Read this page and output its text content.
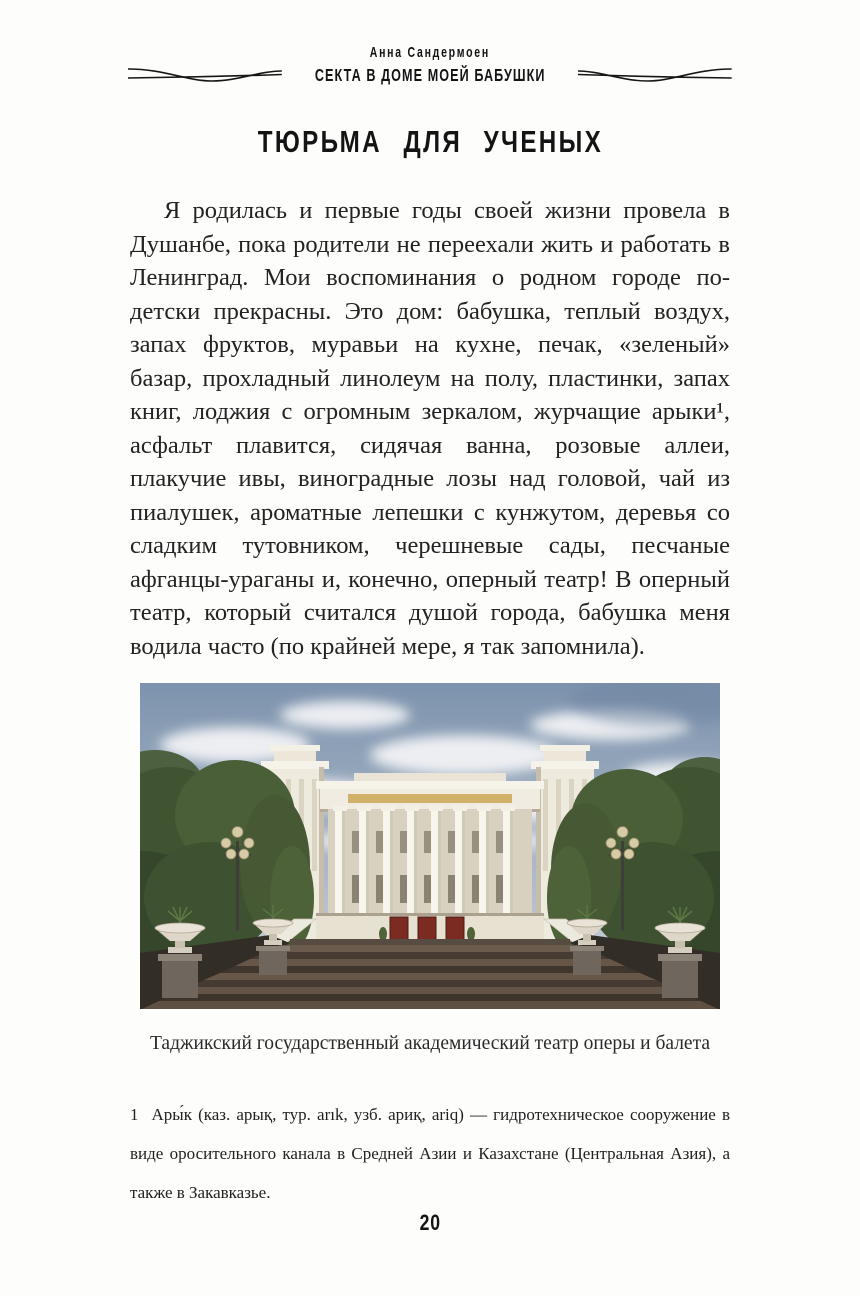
Анна Сандермоен
СЕКТА В ДОМЕ МОЕЙ БАБУШКИ
ТЮРЬМА ДЛЯ УЧЕНЫХ

Я родилась и первые годы своей жизни провела в Душанбе, пока родители не переехали жить и работать в Ленинград. Мои воспоминания о родном городе по-детски прекрасны. Это дом: бабушка, теплый воздух, запах фруктов, муравьи на кухне, печак, «зеленый» базар, прохладный линолеум на полу, пластинки, запах книг, лоджия с огромным зеркалом, журчащие арыки¹, асфальт плавится, сидячая ванна, розовые аллеи, плакучие ивы, виноградные лозы над головой, чай из пиалушек, ароматные лепешки с кунжутом, деревья со сладким тутовником, черешневые сады, песчаные афганцы-ураганы и, конечно, оперный театр! В оперный театр, который считался душой города, бабушка меня водила часто (по крайней мере, я так запомнила).

Таджикский государственный академический театр оперы и балета
1 Ары́к (каз. арық, тур. arık, узб. ариқ, ariq) — гидротехническое сооружение в виде оросительного канала в Средней Азии и Казахстане (Центральная Азия), а также в Закавказье.
20
